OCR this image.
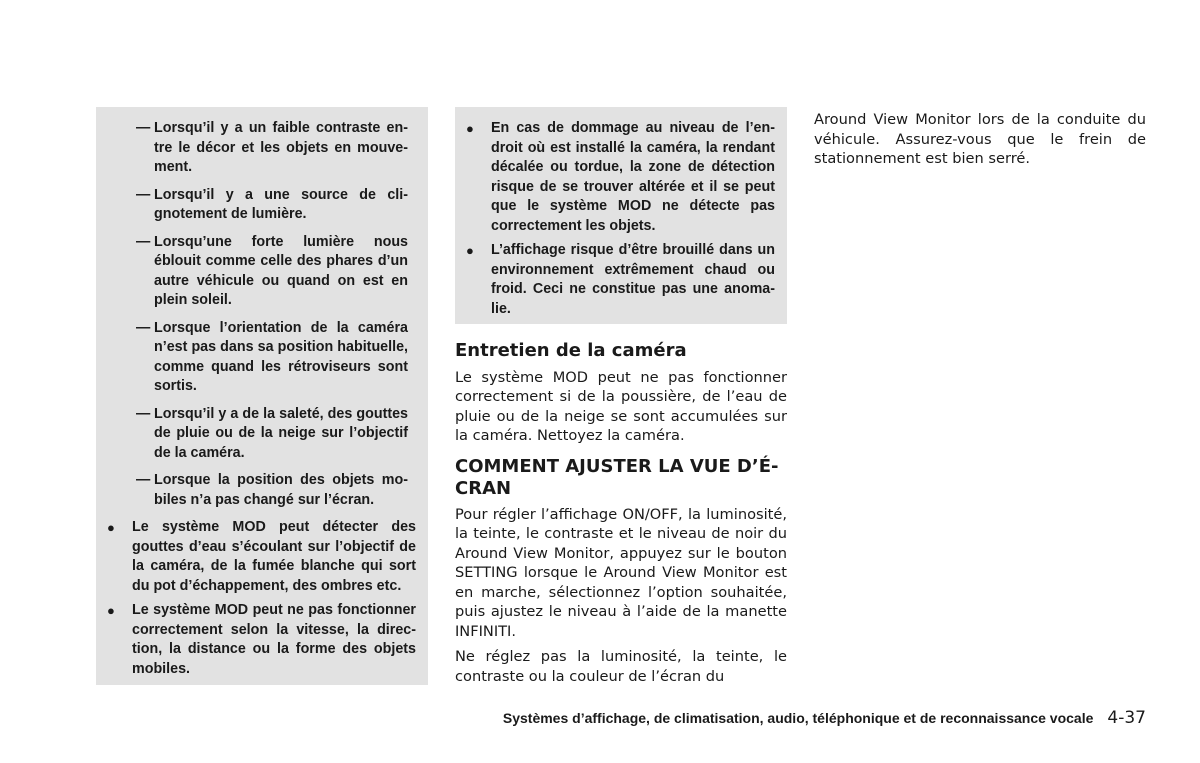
— Lorsqu’il y a un faible contraste entre le décor et les objets en mouvement.
— Lorsqu’il y a une source de clignotement de lumière.
— Lorsqu’une forte lumière nous éblouit comme celle des phares d’un autre véhicule ou quand on est en plein soleil.
— Lorsque l’orientation de la caméra n’est pas dans sa position habituelle, comme quand les rétroviseurs sont sortis.
— Lorsqu’il y a de la saleté, des gouttes de pluie ou de la neige sur l’objectif de la caméra.
— Lorsque la position des objets mobiles n’a pas changé sur l’écran.
● Le système MOD peut détecter des gouttes d’eau s’écoulant sur l’objectif de la caméra, de la fumée blanche qui sort du pot d’échappement, des ombres etc.
● Le système MOD peut ne pas fonctionner correctement selon la vitesse, la direction, la distance ou la forme des objets mobiles.
● En cas de dommage au niveau de l’endroit où est installé la caméra, la rendant décalée ou tordue, la zone de détection risque de se trouver altérée et il se peut que le système MOD ne détecte pas correctement les objets.
● L’affichage risque d’être brouillé dans un environnement extrêmement chaud ou froid. Ceci ne constitue pas une anomalie.
Entretien de la caméra

Le système MOD peut ne pas fonctionner correctement si de la poussière, de l’eau de pluie ou de la neige se sont accumulées sur la caméra. Nettoyez la caméra.

COMMENT AJUSTER LA VUE D’É-
CRAN

Pour régler l’affichage ON/OFF, la luminosité, la teinte, le contraste et le niveau de noir du Around View Monitor, appuyez sur le bouton SETTING lorsque le Around View Monitor est en marche, sélectionnez l’option souhaitée, puis ajustez le niveau à l’aide de la manette INFINITI.

Ne réglez pas la luminosité, la teinte, le contraste ou la couleur de l’écran du

Around View Monitor lors de la conduite du véhicule. Assurez-vous que le frein de stationnement est bien serré.

Systèmes d’affichage, de climatisation, audio, téléphonique et de reconnaissance vocale 4-37
